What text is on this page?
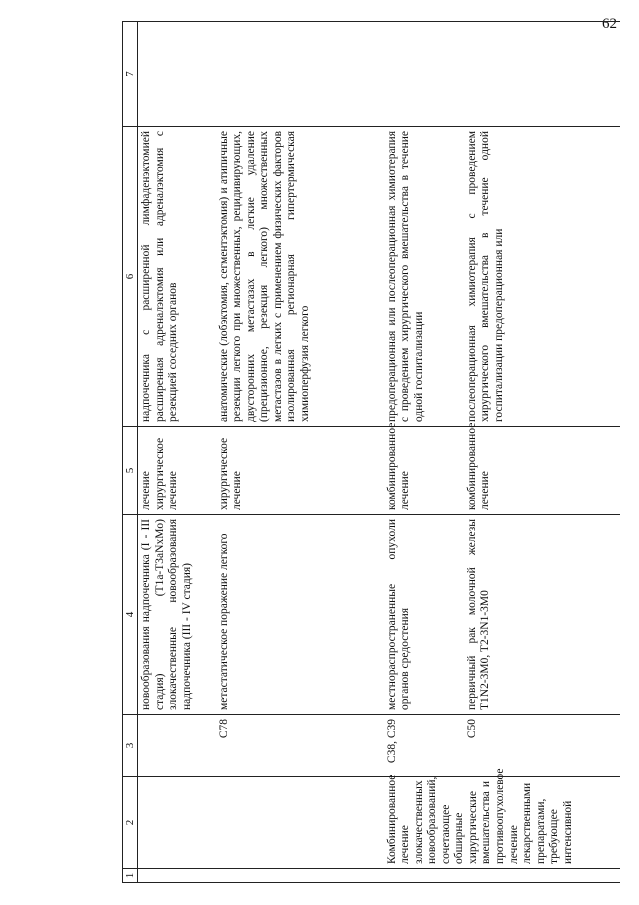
62
1	2	3	4	5	6	7
			новообразования надпочечника (I - III стадия) (T1a-T3aNxMo) злокачественные новообразования надпочечника (III - IV стадия)	лечение хирургическое лечение	надпочечника с расширенной лимфаденэктомией расширенная адреналэктомия или адреналэктомия с резекцией соседних органов	
		C78	метастатическое поражение легкого	хирургическое лечение	анатомические (лобэктомия, сегментэктомия) и атипичные резекции легкого при множественных, рецидивирующих, двусторонних метастазах в легкие удаление (прецизионное, резекция легкого) множественных метастазов в легких с применением физических факторов изолированная регионарная гипертермическая химиоперфузия легкого	
	Комбинированное лечение злокачественных новообразований, сочетающее обширные хирургические вмешательства и противоопухолевое лечение лекарственными препаратами, требующее интенсивной	C38, C39	местнораспространенные опухоли органов средостения	комбинированное лечение	предоперационная или послеоперационная химиотерапия с проведением хирургического вмешательства в течение одной госпитализации	
		C50	первичный рак молочной железы T1N2-3M0, T2-3N1-3M0	комбинированное лечение	послеоперационная химиотерапия с проведением хирургического вмешательства в течение одной госпитализации предоперационная или	
